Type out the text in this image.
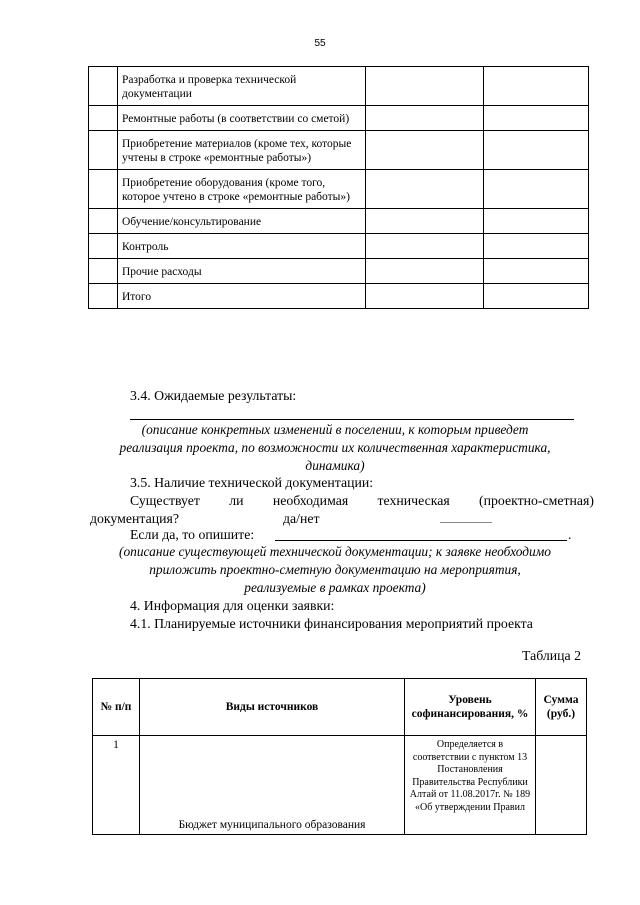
55
	Разработка и проверка технической документации		
	Ремонтные работы (в соответствии со сметой)		
	Приобретение материалов (кроме тех, которые учтены в строке «ремонтные работы»)		
	Приобретение оборудования (кроме того, которое учтено в строке «ремонтные работы»)		
	Обучение/консультирование		
	Контроль		
	Прочие расходы		
	Итого		

3.4. Ожидаемые результаты:

(описание конкретных изменений в поселении, к которым приведет

реализация проекта, по возможности их количественная характеристика,

динамика)

3.5. Наличие технической документации:

Существует ли необходимая техническая (проектно-сметная)

документация?	да/нет

Если да, то опишите:	.

(описание существующей технической документации; к заявке необходимо

приложить проектно-сметную документацию на мероприятия,

реализуемые в рамках проекта)

4. Информация для оценки заявки:

4.1. Планируемые источники финансирования мероприятий проекта

Таблица 2

№ п/п	Виды источников	Уровень софинансирования, %	Сумма (руб.)
1	Бюджет муниципального образования	Определяется в соответствии с пунктом 13 Постановления Правительства Республики Алтай от 11.08.2017г. № 189 «Об утверждении Правил	
